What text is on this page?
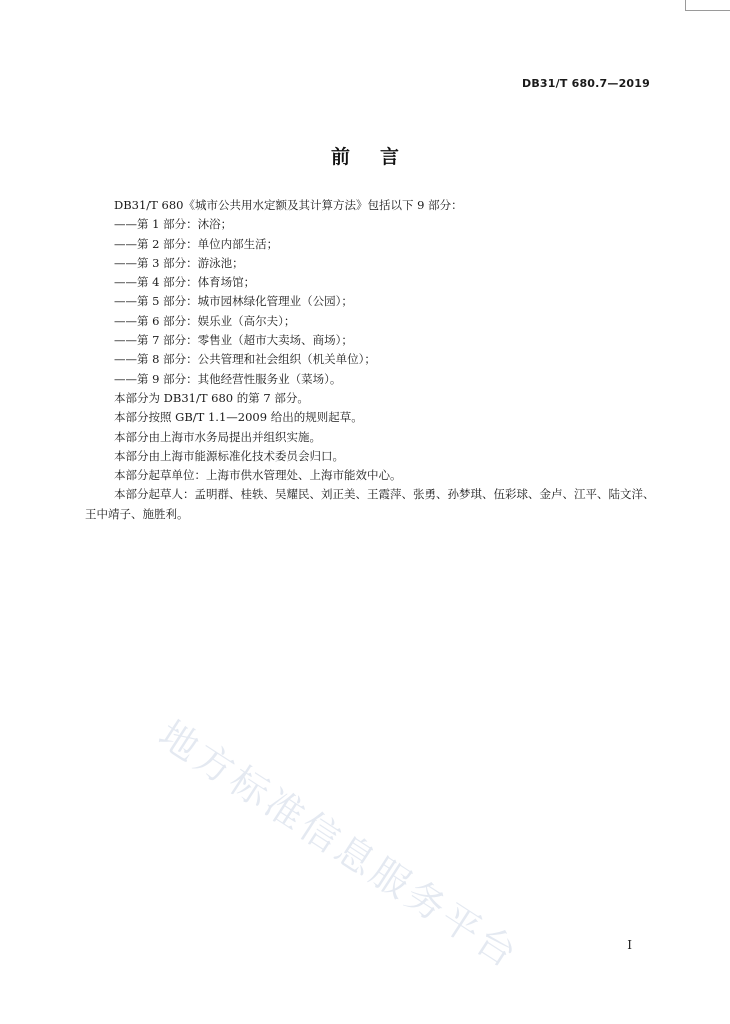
DB31/T 680.7—2019
前言
DB31/T 680《城市公共用水定额及其计算方法》包括以下 9 部分：
——第 1 部分：沐浴；
——第 2 部分：单位内部生活；
——第 3 部分：游泳池；
——第 4 部分：体育场馆；
——第 5 部分：城市园林绿化管理业（公园）；
——第 6 部分：娱乐业（高尔夫）；
——第 7 部分：零售业（超市大卖场、商场）；
——第 8 部分：公共管理和社会组织（机关单位）；
——第 9 部分：其他经营性服务业（菜场）。
本部分为 DB31/T 680 的第 7 部分。
本部分按照 GB/T 1.1—2009 给出的规则起草。
本部分由上海市水务局提出并组织实施。
本部分由上海市能源标准化技术委员会归口。
本部分起草单位：上海市供水管理处、上海市能效中心。
本部分起草人：孟明群、桂轶、吴耀民、刘正美、王霞萍、张勇、孙梦琪、伍彩球、金卢、江平、陆文洋、
王中靖子、施胜利。
地方标准信息服务平台	I
